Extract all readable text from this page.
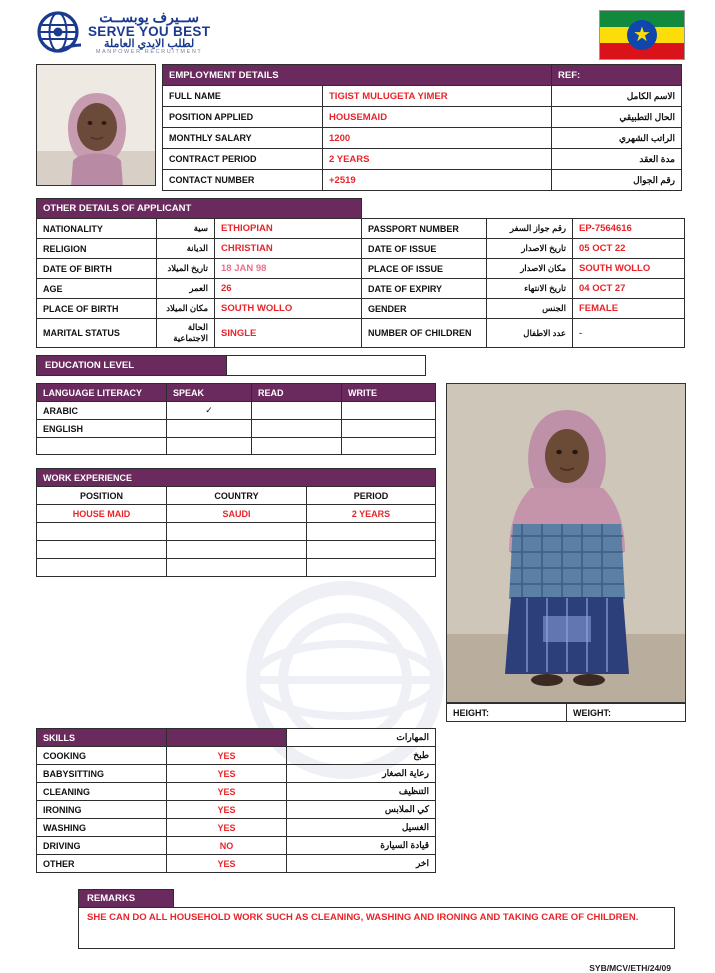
ســيرف يوبســت
SERVE YOU BEST
لطلب الايدي العاملة
MANPOWER RECRUITMENT
★
EMPLOYMENT DETAILS		REF:
FULL NAME	TIGIST MULUGETA YIMER	الاسم الكامل
POSITION APPLIED	HOUSEMAID	الحال التطبيقي
MONTHLY SALARY	1200	الراتب الشهري
CONTRACT PERIOD	2 YEARS	مدة العقد
CONTACT NUMBER	+2519	رقم الجوال
OTHER DETAILS OF APPLICANT					
NATIONALITY	سية	ETHIOPIAN	PASSPORT NUMBER	رقم جواز السفر	EP-7564616
RELIGION	الديانة	CHRISTIAN	DATE OF ISSUE	تاريخ الاصدار	05 OCT 22
DATE OF BIRTH	تاريخ الميلاد	18 JAN 98	PLACE OF ISSUE	مكان الاصدار	SOUTH WOLLO
AGE	العمر	26	DATE OF EXPIRY	تاريخ الانتهاء	04 OCT 27
PLACE OF BIRTH	مكان الميلاد	SOUTH WOLLO	GENDER	الجنس	FEMALE
MARITAL STATUS	الحالة الاجتماعية	SINGLE	NUMBER OF CHILDREN	عدد الاطفال	-
EDUCATION LEVEL
LANGUAGE LITERACY	SPEAK	READ	WRITE
ARABIC	✓		
ENGLISH			

WORK EXPERIENCE		
POSITION	COUNTRY	PERIOD
HOUSE MAID	SAUDI	2 YEARS

HEIGHT:	WEIGHT:
SKILLS		المهارات
COOKING	YES	طبخ
BABYSITTING	YES	رعاية الصغار
CLEANING	YES	التنظيف
IRONING	YES	كي الملابس
WASHING	YES	الغسيل
DRIVING	NO	قيادة السيارة
OTHER	YES	اخر
REMARKS
SHE CAN DO ALL HOUSEHOLD WORK SUCH AS CLEANING, WASHING AND IRONING AND TAKING CARE OF CHILDREN.
SYB/MCV/ETH/24/09
